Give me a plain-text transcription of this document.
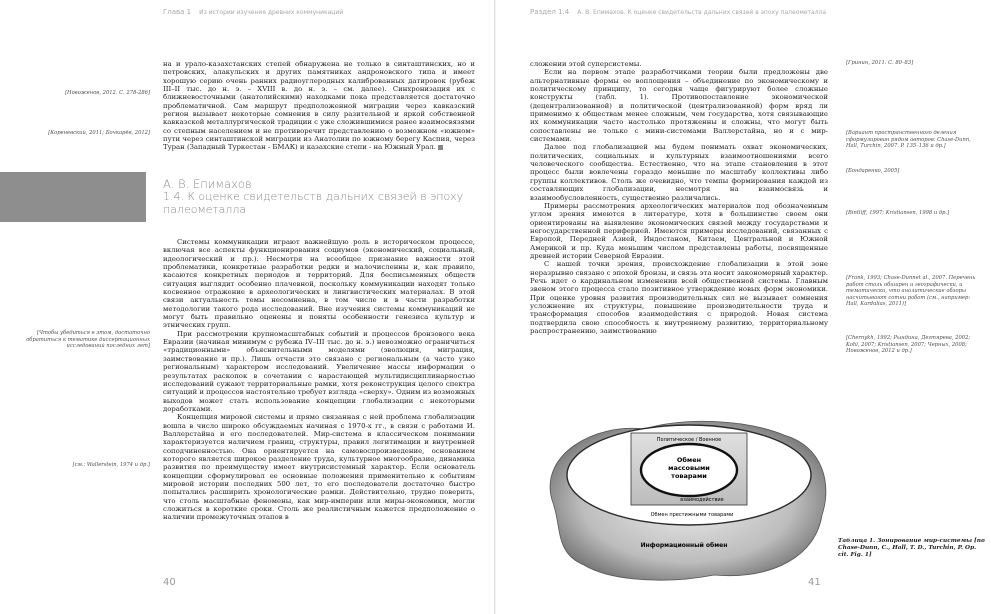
Глава 1 Из истории изучения древних коммуникаций

на и урало-казахстанских степей обнаружена не только в синташтинских, но и петровских, алакульских и других памятниках андроновского типа и имеет хорошую серию очень ранних радиоуглеродных калиброванных датировок (рубеж III–II тыс. до н. э. – XVIII в. до н. э. – см. далее). Синхронизация их с ближневосточными (анатолийскими) находками пока представляется достаточно проблематичной. Сам маршрут предположенной миграции через кавказский регион вызывает некоторые сомнения в силу разительной и яркой собственной кавказской металлургической традиции с уже сложившимися ранее взаимосвязями со степным населением и не противоречит представлению о возможном «южном» пути через синташтинской миграции из Анатолии по южному берегу Каспия, через Туран (Западный Туркестан - БМАК) и казахские степи - на Южный Урал.

[Новоженов, 2012. С. 278-286]
[Кореневский, 2011; Бочкарёв, 2012]
А. В. Епимахов
1.4. К оценке свидетельств дальних связей в эпоху палеометалла

Системы коммуникации играют важнейшую роль в историческом процессе, включая все аспекты функционирования социумов (экономический, социальный, идеологический и пр.). Несмотря на всеобщее признание важности этой проблематики, конкретные разработки редки и малочисленны и, как правило, касаются конкретных периодов и территорий. Для бесписьменных обществ ситуация выглядит особенно плачевной, поскольку коммуникации находят только косвенное отражение в археологических и лингвистических материалах. В этой связи актуальность темы несомненна, в том числе и в части разработки методологии такого рода исследований. Вне изучения системы коммуникаций не могут быть правильно оценены и поняты особенности генезиса культур и этнических групп.

При рассмотрении крупномасштабных событий и процессов бронзового века Евразии (начиная минимум с рубежа IV–III тыс. до н. э.) невозможно ограничиться «традиционными» объяснительными моделями (эволюция, миграция, заимствование и пр.). Лишь отчасти это связано с региональным (а часто узко региональным) характером исследований. Увеличение массы информации о результатах раскопок в сочетании с нарастающей мультидисциплинарностью исследований сужают территориальные рамки, хотя реконструкция целого спектра ситуаций и процессов настоятельно требует взгляда «сверху». Одним из возможных выходов может стать использование концепции глобализации с некоторыми доработками.

Концепция мировой системы и прямо связанная с ней проблема глобализации вошла в число широко обсуждаемых начиная с 1970-х гг., в связи с работами И. Валлерстайна и его последователей. Мир-система в классическом понимании характеризуется наличием границ, структуры, правил легитимации и внутренней соподчиненностью. Она ориентируется на самовоспроизведение, основанием которого является широкое разделение труда, культурное многообразие, динамика развития по преимуществу имеет внутрисистемный характер. Если основатель концепции сформулировал ее основные положения применительно к событиям мировой истории последних 500 лет, то его последователи достаточно быстро попытались расширить хронологические рамки. Действительно, трудно поверить, что столь масштабные феномены, как мир-империи или миры-экономики, могли сложиться в короткие сроки. Столь же реалистичным кажется предположение о наличии промежуточных этапов в

[Чтобы убедиться в этом, достаточно обратиться к тематике диссертационных исследований последних лет]
[см.: Wallerstein, 1974 и др.]
40
Раздел 1.4 А. В. Епимахов. К оценке свидетельств дальних связей в эпоху палеометалла

сложении этой суперсистемы.

Если на первом этапе разработчиками теории были предложены две альтернативные формы ее воплощения – объединение по экономическому и политическому принципу, то сегодня чаще фигурируют более сложные конструкты (табл. 1). Противопоставление экономической (децентрализованной) и политической (централизованной) форм вряд ли применимо к обществам менее сложным, чем государства, хотя связывающие их коммуникации часто настолько протяженны и сложны, что могут быть сопоставлены не только с мини-системами Валлерстайна, но и с мир-системами.

Далее под глобализацией мы будем понимать охват экономических, политических, социальных и культурных взаимоотношениями всего человеческого сообщества. Естественно, что на этапе становления в этот процесс были вовлечены гораздо меньшие по масштабу коллективы либо группы коллективов. Столь же очевидно, что темпы формирования каждой из составляющих глобализации, несмотря на взаимосвязь и взаимообусловленность, существенно различались.

Примеры рассмотрения археологических материалов под обозначенным углом зрения имеются в литературе, хотя в большинстве своем они ориентированы на выявление экономических связей между государствами и негосударственной периферией. Имеются примеры исследований, связанных с Европой, Передней Азией, Индостаном, Китаем, Центральной и Южной Америкой и пр. Куда меньшим числом представлены работы, посвященные древней истории Северной Евразии.

С нашей точки зрения, происхождение глобализации в этой зоне неразрывно связано с эпохой бронзы, и связь эта носит закономерный характер. Речь идет о кардинальном изменении всей общественной системы. Главным звеном этого процесса стало позитивное утверждение новых форм экономики. При оценке уровня развития производительных сил не вызывает сомнения усложнение их структуры, повышение производительности труда и трансформация способов взаимодействия с природой. Новая система подтвердила свою способность к внутреннему развитию, территориальному распространению, заимствованию

[Гринин, 2011. С. 80–83]
[Вариант пространственного деления сформулирован рядом авторов: Chase-Dunn, Hall, Turchin, 2007. P. 135–136 и др.]
[Бондаренко, 2005]
[Bintliff, 1997; Kristiansen, 1998 и др.]
[Frank, 1993; Chase-Dunnet al., 2007. Перечень работ столь обширен и географически, и тематически, что аналитические обзоры насчитывают сотни работ (см., например: Hall, Kardulias, 2011)]
[Chernykh, 1992; Рындина, Дегтярева, 2002; Kohl, 2007; Kristiansen, 2007; Черных, 2008; Новоженов, 2012 и др.]
Политическое / Военное
взаимодействие
Обмен массовыми товарами
Обмен престижными товарами
Информационный обмен
Таблица 1. Зонирование мир-системы [по Chase-Dunn, C., Hall, T. D., Turchin, P. Op. cit. Fig. 1]
41
